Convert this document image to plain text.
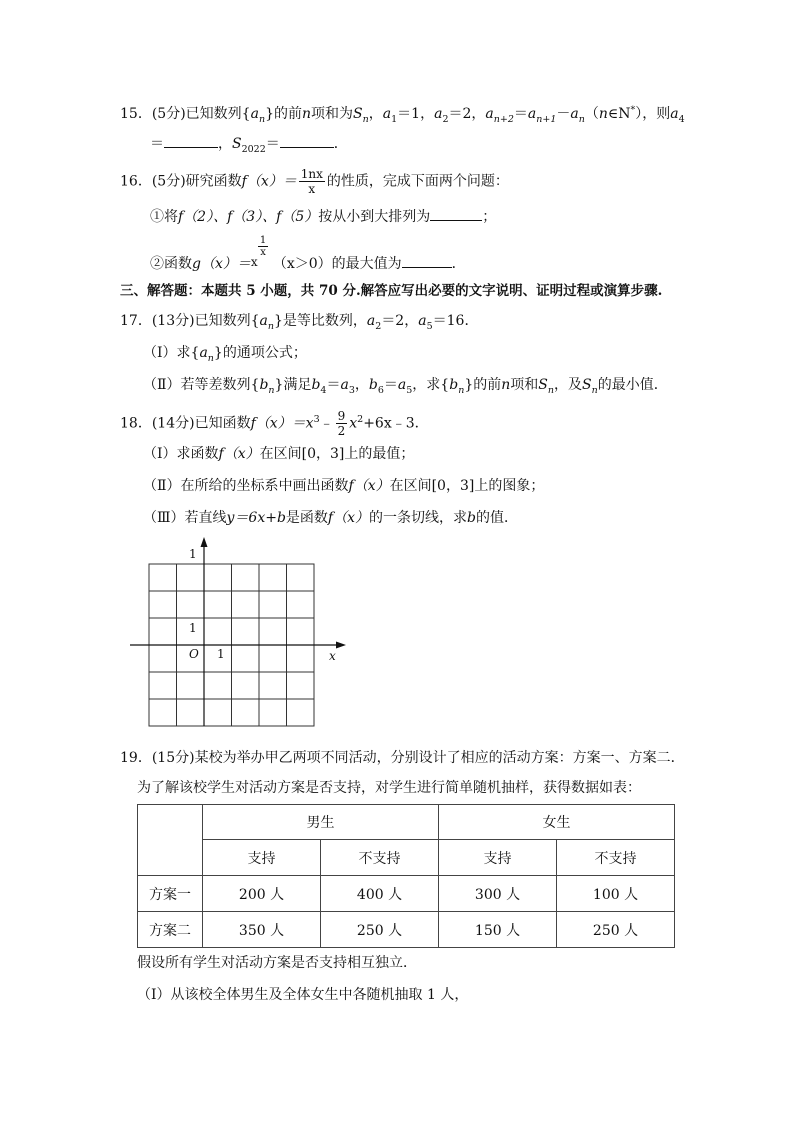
15．(5分)已知数列$\{a_n\}$的前n项和为$S_n$，$a_1=1$，$a_2=2$，$a_{n+2}=a_{n+1}-a_n(n\in N^*)$，则$a_4$
＝	，$S_{2022}=$	．
16．(5分)研究函数$f(x)= \frac{1nx}{x}$ 的性质，完成下面两个问题：
①将f（2）、f（3）、f（5）按从小到大排列为	；
②函数g（x）＝ x
1
x
（x＞0）的最大值为	．
三、解答题：本题共 5 小题，共 70 分.解答应写出必要的文字说明、证明过程或演算步骤.
17．(13分)已知数列$\{a_n\}$是等比数列，$a_2=2$，$a_5=16$．
（Ⅰ）求$\{a_n\}$的通项公式；
（Ⅱ）若等差数列$\{b_n\}$满足$b_4=a_3$，$b_6=a_5$，求$\{b_n\}$的前n项和$S_n$，及$S_n$的最小值．
18．(14分)已知函数$f(x)=x^3﹣ \frac{9}{2}$ $x^2+6x﹣3$．
（Ⅰ）求函数f（x）在区间[0，3]上的最值；
（Ⅱ）在所给的坐标系中画出函数f（x）在区间[0，3]上的图象；
（Ⅲ）若直线y＝6x+b是函数f（x）的一条切线，求b的值．
1
1
O 1	x
19．(15分)某校为举办甲乙两项不同活动，分别设计了相应的活动方案：方案一、方案二．
为了解该校学生对活动方案是否支持，对学生进行简单随机抽样，获得数据如表：
	男生		女生	
	支持	不支持	支持	不支持
方案一	200 人	400 人	300 人	100 人
方案二	350 人	250 人	150 人	250 人
假设所有学生对活动方案是否支持相互独立．
（Ⅰ）从该校全体男生及全体女生中各随机抽取 1 人，
